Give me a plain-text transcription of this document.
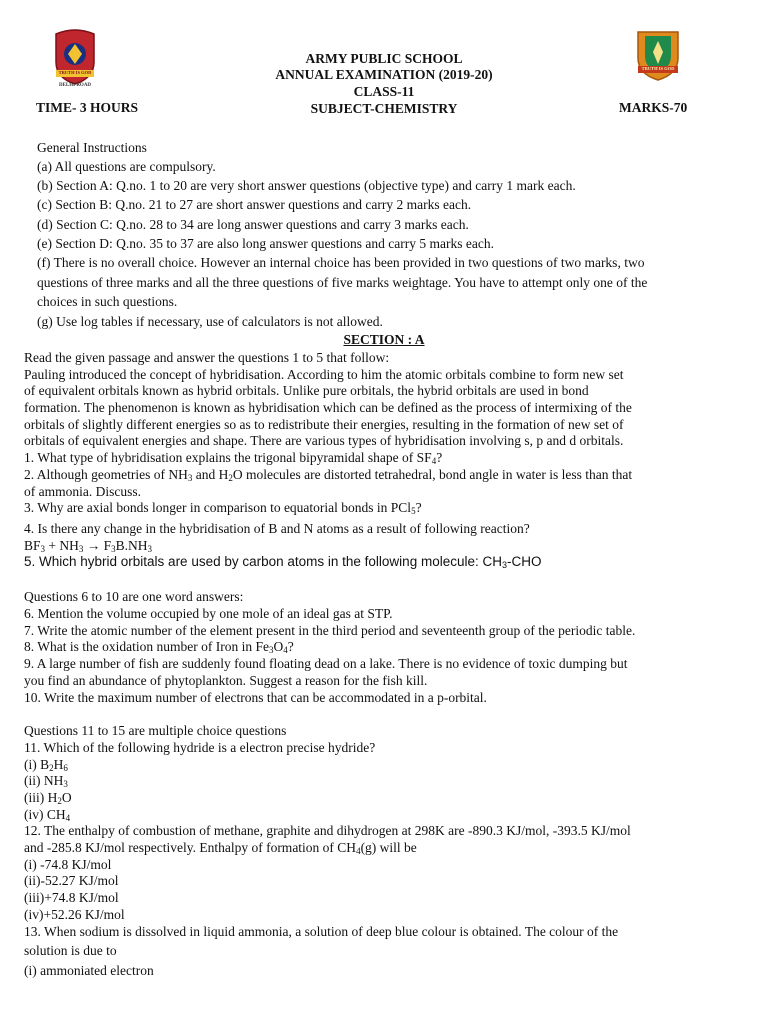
TRUTH IS GOD
DELHI ROAD
TRUTH IS GOD
ARMY PUBLIC SCHOOL
ANNUAL EXAMINATION (2019-20)
CLASS-11
TIME- 3 HOURS	SUBJECT-CHEMISTRY	MARKS-70
General Instructions
(a) All questions are compulsory.
(b) Section A: Q.no. 1 to 20 are very short answer questions (objective type) and carry 1 mark each.
(c) Section B: Q.no. 21 to 27 are short answer questions and carry 2 marks each.
(d) Section C: Q.no. 28 to 34 are long answer questions and carry 3 marks each.
(e) Section D: Q.no. 35 to 37 are also long answer questions and carry 5 marks each.
(f) There is no overall choice. However an internal choice has been provided in two questions of two marks, two
questions of three marks and all the three questions of five marks weightage. You have to attempt only one of the
choices in such questions.
(g) Use log tables if necessary, use of calculators is not allowed.
SECTION : A
Read the given passage and answer the questions 1 to 5 that follow:
Pauling introduced the concept of hybridisation. According to him the atomic orbitals combine to form new set
of equivalent orbitals known as hybrid orbitals. Unlike pure orbitals, the hybrid orbitals are used in bond
formation. The phenomenon is known as hybridisation which can be defined as the process of intermixing of the
orbitals of slightly different energies so as to redistribute their energies, resulting in the formation of new set of
orbitals of equivalent energies and shape. There are various types of hybridisation involving s, p and d orbitals.
1. What type of hybridisation explains the trigonal bipyramidal shape of $SF_4$?
2. Although geometries of $NH_3$ and $H_2O$ molecules are distorted tetrahedral, bond angle in water is less than that
of ammonia. Discuss.
3. Why are axial bonds longer in comparison to equatorial bonds in PCl$_5$?
4. Is there any change in the hybridisation of B and N atoms as a result of following reaction?
$BF_3 + NH_3 \to F_3B.NH_3$
5. Which hybrid orbitals are used by carbon atoms in the following molecule: $CH_3$-CHO
Questions 6 to 10 are one word answers:
6. Mention the volume occupied by one mole of an ideal gas at STP.
7. Write the atomic number of the element present in the third period and seventeenth group of the periodic table.
8. What is the oxidation number of Iron in $Fe_3O_4$?
9. A large number of fish are suddenly found floating dead on a lake. There is no evidence of toxic dumping but
you find an abundance of phytoplankton. Suggest a reason for the fish kill.
10. Write the maximum number of electrons that can be accommodated in a p-orbital.
Questions 11 to 15 are multiple choice questions
11. Which of the following hydride is a electron precise hydride?
(i) $B_2H_6$
(ii) $NH_3$
(iii) $H_2O$
(iv) $CH_4$
12. The enthalpy of combustion of methane, graphite and dihydrogen at 298K are -890.3 KJ/mol, -393.5 KJ/mol
and -285.8 KJ/mol respectively. Enthalpy of formation of $CH_4(g)$ will be
(i) -74.8 KJ/mol
(ii)-52.27 KJ/mol
(iii)+74.8 KJ/mol
(iv)+52.26 KJ/mol
13. When sodium is dissolved in liquid ammonia, a solution of deep blue colour is obtained. The colour of the
solution is due to
(i) ammoniated electron
